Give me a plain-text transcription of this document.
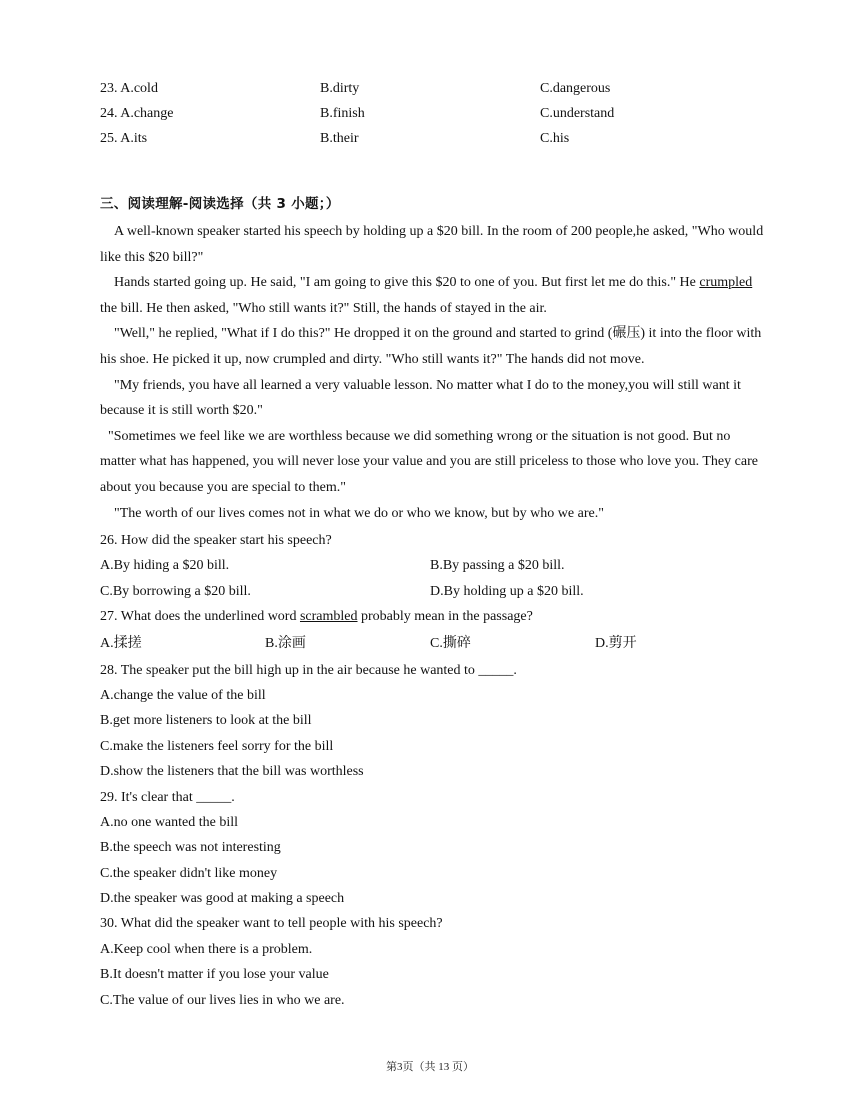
23. A.cold	B.dirty	C.dangerous
24. A.change	B.finish	C.understand
25. A.its	B.their	C.his
三、阅读理解-阅读选择（共 3 小题；）

A well-known speaker started his speech by holding up a $20 bill. In the room of 200 people,he asked, "Who would like this $20 bill?"

Hands started going up. He said, "I am going to give this $20 to one of you. But first let me do this." He crumpled the bill. He then asked, "Who still wants it?" Still, the hands of stayed in the air.

"Well," he replied, "What if I do this?" He dropped it on the ground and started to grind (碾压) it into the floor with his shoe. He picked it up, now crumpled and dirty. "Who still wants it?" The hands did not move.

"My friends, you have all learned a very valuable lesson. No matter what I do to the money,you will still want it because it is still worth $20."

"Sometimes we feel like we are worthless because we did something wrong or the situation is not good. But no matter what has happened, you will never lose your value and you are still priceless to those who love you. They care about you because you are special to them."

"The worth of our lives comes not in what we do or who we know, but by who we are."

26. How did the speaker start his speech?
A.By hiding a $20 bill.	B.By passing a $20 bill.
C.By borrowing a $20 bill.	D.By holding up a $20 bill.
27. What does the underlined word scrambled probably mean in the passage?
A.揉搓	B.涂画	C.撕碎	D.剪开
28. The speaker put the bill high up in the air because he wanted to _____.
A.change the value of the bill
B.get more listeners to look at the bill
C.make the listeners feel sorry for the bill
D.show the listeners that the bill was worthless
29. It's clear that _____.
A.no one wanted the bill
B.the speech was not interesting
C.the speaker didn't like money
D.the speaker was good at making a speech
30. What did the speaker want to tell people with his speech?
A.Keep cool when there is a problem.
B.It doesn't matter if you lose your value
C.The value of our lives lies in who we are.
第3页（共 13 页）
